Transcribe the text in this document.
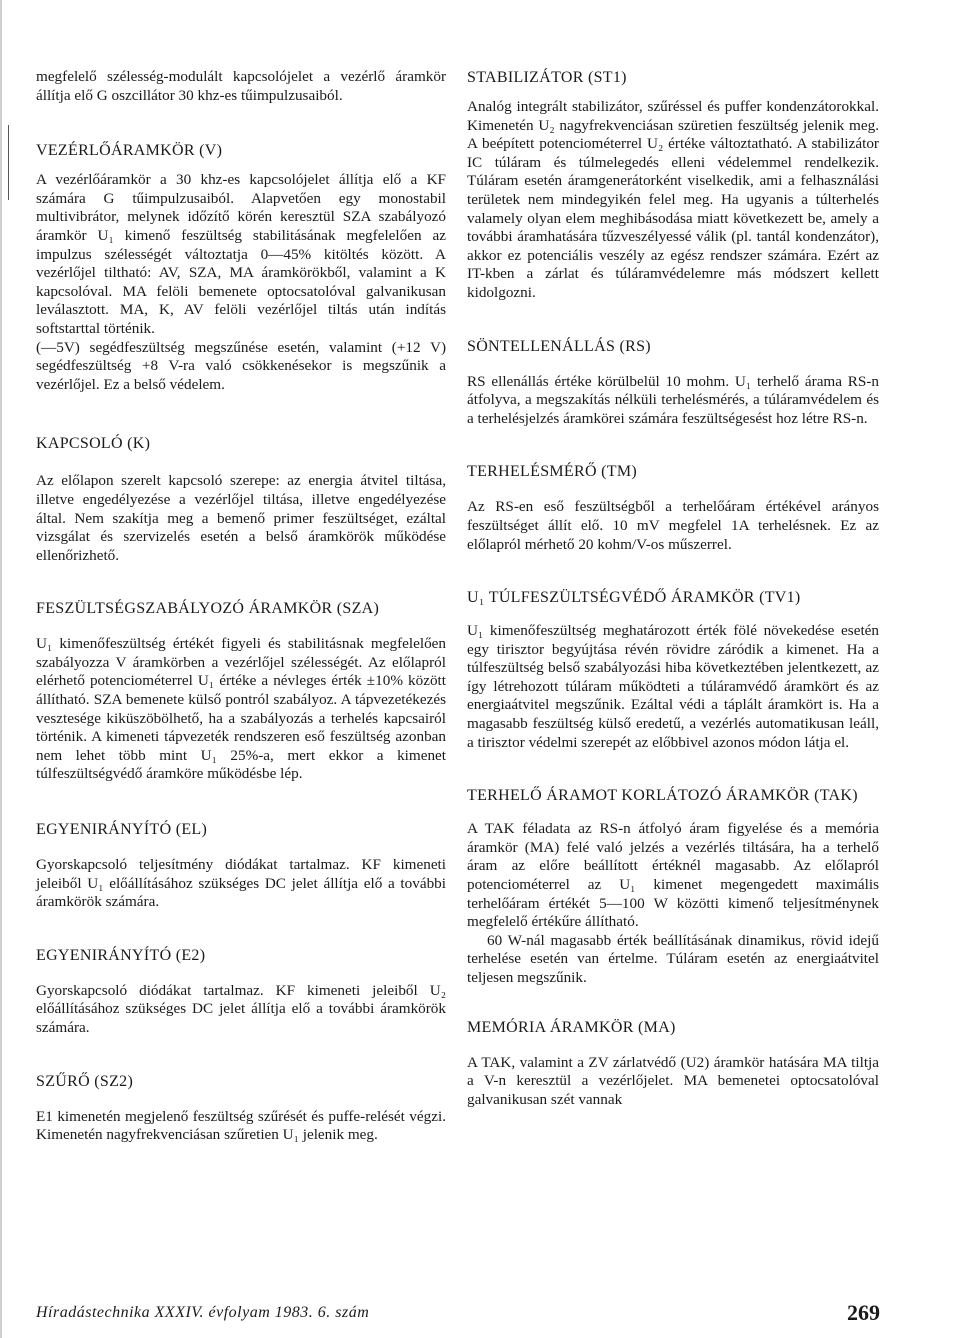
megfelelő szélesség-modulált kapcsolójelet a vezérlő áramkör állítja elő G oszcillátor 30 khz-es tűimpulzusaiból.

VEZÉRLŐÁRAMKÖR (V)

A vezérlőáramkör a 30 khz-es kapcsolójelet állítja elő a KF számára G tűimpulzusaiból. Alapvetően egy monostabil multivibrátor, melynek időzítő körén keresztül SZA szabályozó áramkör U₁ kimenő feszültség stabilitásának megfelelően az impulzus szélességét változtatja 0—45% kitöltés között. A vezérlőjel tiltható: AV, SZA, MA áramkörökből, valamint a K kapcsolóval. MA felöli bemenete optocsatolóval galvanikusan leválasztott. MA, K, AV felöli vezérlőjel tiltás után indítás softstarttal történik.

(—5V) segédfeszültség megszűnése esetén, valamint (+12 V) segédfeszültség +8 V-ra való csökkenésekor is megszűnik a vezérlőjel. Ez a belső védelem.

KAPCSOLÓ (K)

Az előlapon szerelt kapcsoló szerepe: az energia átvitel tiltása, illetve engedélyezése a vezérlőjel tiltása, illetve engedélyezése által. Nem szakítja meg a bemenő primer feszültséget, ezáltal vizsgálat és szervizelés esetén a belső áramkörök működése ellenőrizhető.

FESZÜLTSÉGSZABÁLYOZÓ ÁRAMKÖR (SZA)

U₁ kimenőfeszültség értékét figyeli és stabilitásnak megfelelően szabályozza V áramkörben a vezérlőjel szélességét. Az előlapról elérhető potenciométerrel U₁ értéke a névleges érték ±10% között állítható. SZA bemenete külső pontról szabályoz. A tápvezetékezés vesztesége kiküszöbölhető, ha a szabályozás a terhelés kapcsairól történik. A kimeneti tápvezeték rendszeren eső feszültség azonban nem lehet több mint U₁ 25%-a, mert ekkor a kimenet túlfeszültségvédő áramköre működésbe lép.

EGYENIRÁNYÍTÓ (EL)

Gyorskapcsoló teljesítmény diódákat tartalmaz. KF kimeneti jeleiből U₁ előállításához szükséges DC jelet állítja elő a további áramkörök számára.

EGYENIRÁNYÍTÓ (E2)

Gyorskapcsoló diódákat tartalmaz. KF kimeneti jeleiből U₂ előállításához szükséges DC jelet állítja elő a további áramkörök számára.

SZŰRŐ (SZ2)

E1 kimenetén megjelenő feszültség szűrését és puffe-relését végzi. Kimenetén nagyfrekvenciásan szűretien U₁ jelenik meg.

STABILIZÁTOR (ST1)

Analóg integrált stabilizátor, szűréssel és puffer kondenzátorokkal. Kimenetén U₂ nagyfrekvenciásan szüretien feszültség jelenik meg. A beépített potenciométerrel U₂ értéke változtatható. A stabilizátor IC túláram és túlmelegedés elleni védelemmel rendelkezik. Túláram esetén áramgenerátorként viselkedik, ami a felhasználási területek nem mindegyikén felel meg. Ha ugyanis a túlterhelés valamely olyan elem meghibásodása miatt következett be, amely a további áramhatására tűzveszélyessé válik (pl. tantál kondenzátor), akkor ez potenciális veszély az egész rendszer számára. Ezért az IT-kben a zárlat és túláramvédelemre más módszert kellett kidolgozni.

SÖNTELLENÁLLÁS (RS)

RS ellenállás értéke körülbelül 10 mohm. U₁ terhelő árama RS-n átfolyva, a megszakítás nélküli terhelésmérés, a túláramvédelem és a terhelésjelzés áramkörei számára feszültségesést hoz létre RS-n.

TERHELÉSMÉRŐ (TM)

Az RS-en eső feszültségből a terhelőáram értékével arányos feszültséget állít elő. 10 mV megfelel 1A terhelésnek. Ez az előlapról mérhető 20 kohm/V-os műszerrel.

U₁ TÚLFESZÜLTSÉGVÉDŐ ÁRAMKÖR (TV1)

U₁ kimenőfeszültség meghatározott érték fölé növekedése esetén egy tirisztor begyújtása révén rövidre záródik a kimenet. Ha a túlfeszültség belső szabályozási hiba következtében jelentkezett, az így létrehozott túláram működteti a túláramvédő áramkört és az energiaátvitel megszűnik. Ezáltal védi a táplált áramkört is. Ha a magasabb feszültség külső eredetű, a vezérlés automatikusan leáll, a tirisztor védelmi szerepét az előbbivel azonos módon látja el.

TERHELŐ ÁRAMOT KORLÁTOZÓ ÁRAMKÖR (TAK)

A TAK féladata az RS-n átfolyó áram figyelése és a memória áramkör (MA) felé való jelzés a vezérlés tiltására, ha a terhelő áram az előre beállított értéknél magasabb. Az előlapról potenciométerrel az U₁ kimenet megengedett maximális terhelőáram értékét 5—100 W közötti kimenő teljesítménynek megfelelő értékűre állítható.

60 W-nál magasabb érték beállításának dinamikus, rövid idejű terhelése esetén van értelme. Túláram esetén az energiaátvitel teljesen megszűnik.

MEMÓRIA ÁRAMKÖR (MA)

A TAK, valamint a ZV zárlatvédő (U2) áramkör hatására MA tiltja a V-n keresztül a vezérlőjelet. MA bemenetei optocsatolóval galvanikusan szét vannak

Híradástechnika XXXIV. évfolyam 1983. 6. szám	269
